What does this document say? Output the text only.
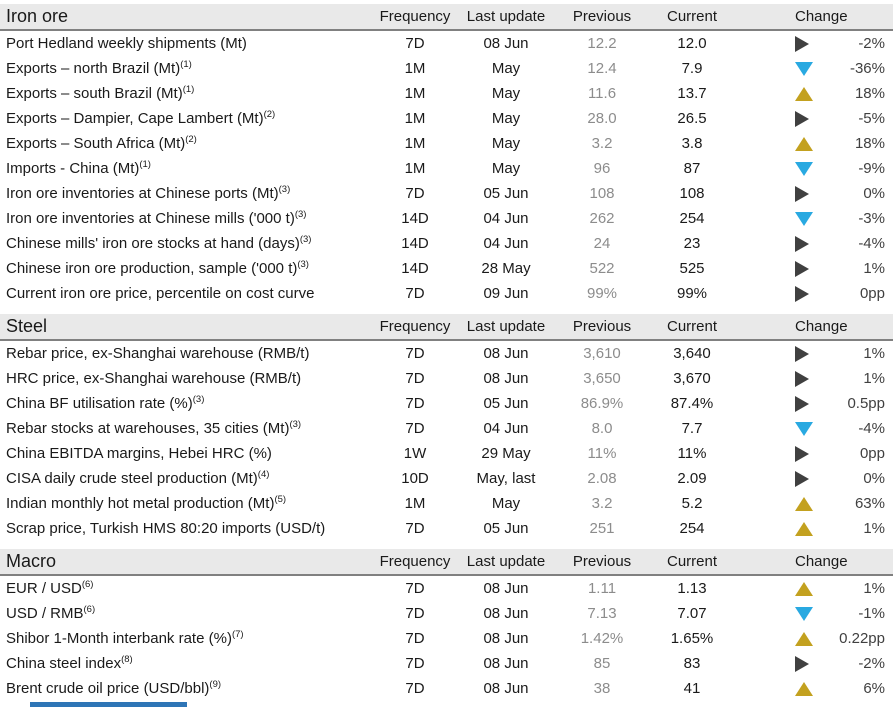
Iron ore	Frequency	Last update	Previous	Current	Change
Port Hedland weekly shipments (Mt)	7D	08 Jun	12.2	12.0	-2%
Exports – north Brazil $(Mt)^{(1)}$	1M	May	12.4	7.9	-36%
Exports – south Brazil $(Mt)^{(1)}$	1M	May	11.6	13.7	18%
Exports – Dampier, Cape Lambert $(Mt)^{(2)}$	1M	May	28.0	26.5	-5%
Exports – South Africa $(Mt)^{(2)}$	1M	May	3.2	3.8	18%
Imports - China $(Mt)^{(1)}$	1M	May	96	87	-9%
Iron ore inventories at Chinese ports $(Mt)^{(3)}$	7D	05 Jun	108	108	0%
Iron ore inventories at Chinese mills ('000 t)$^{(3)}$	14D	04 Jun	262	254	-3%
Chinese mills' iron ore stocks at hand (days)$^{(3)}$	14D	04 Jun	24	23	-4%
Chinese iron ore production, sample ('000 t)$^{(3)}$	14D	28 May	522	525	1%
Current iron ore price, percentile on cost curve	7D	09 Jun	99%	99%	0pp
Steel	Frequency	Last update	Previous	Current	Change
Rebar price, ex-Shanghai warehouse (RMB/t)	7D	08 Jun	3,610	3,640	1%
HRC price, ex-Shanghai warehouse (RMB/t)	7D	08 Jun	3,650	3,670	1%
China BF utilisation rate (%)$^{(3)}$	7D	05 Jun	86.9%	87.4%	0.5pp
Rebar stocks at warehouses, 35 cities $(Mt)^{(3)}$	7D	04 Jun	8.0	7.7	-4%
China EBITDA margins, Hebei HRC (%)	1W	29 May	11%	11%	0pp
CISA daily crude steel production $(Mt)^{(4)}$	10D	May, last	2.08	2.09	0%
Indian monthly hot metal production $(Mt)^{(5)}$	1M	May	3.2	5.2	63%
Scrap price, Turkish HMS 80:20 imports (USD/t)	7D	05 Jun	251	254	1%
Macro	Frequency	Last update	Previous	Current	Change
EUR / USD$^{(6)}$	7D	08 Jun	1.11	1.13	1%
USD / RMB$^{(6)}$	7D	08 Jun	7.13	7.07	-1%
Shibor 1-Month interbank rate (%)$^{(7)}$	7D	08 Jun	1.42%	1.65%	0.22pp
China steel index$^{(8)}$	7D	08 Jun	85	83	-2%
Brent crude oil price $(USD/bbl)^{(9)}$	7D	08 Jun	38	41	6%
